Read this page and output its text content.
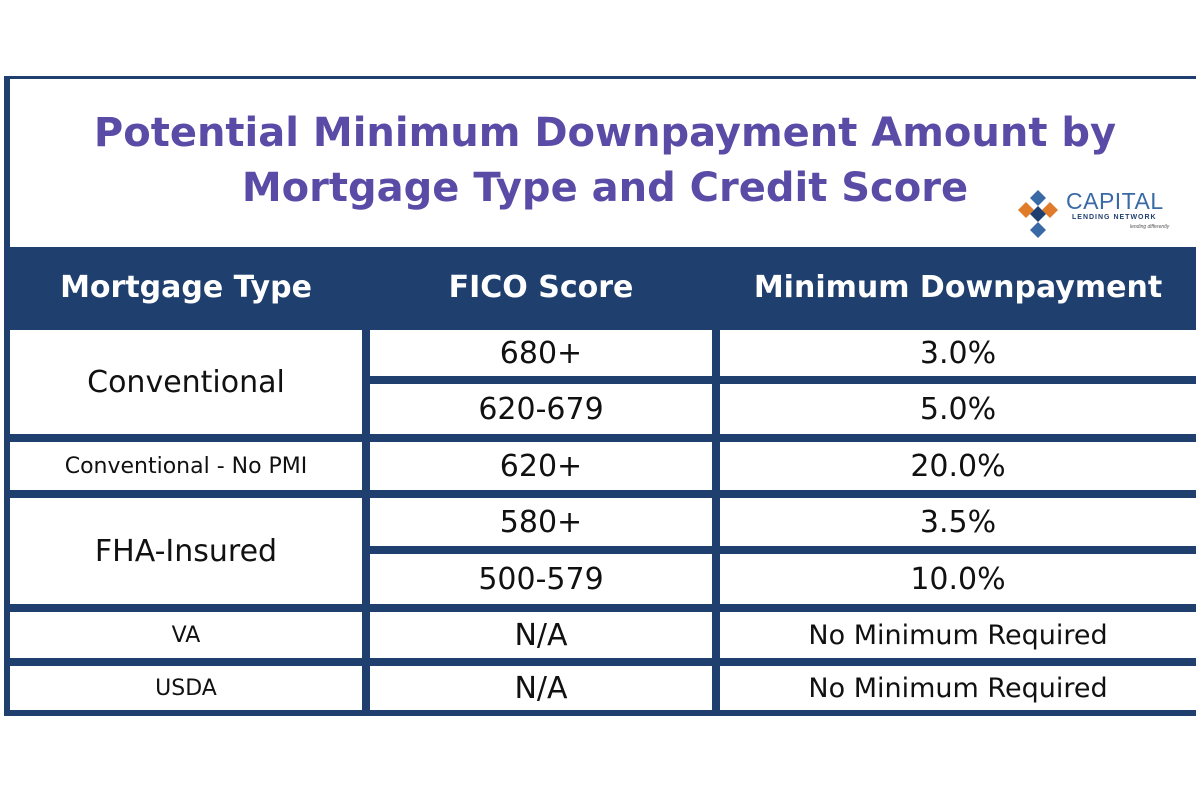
Potential Minimum Downpayment Amount by Mortgage Type and Credit Score	CAPITAL
LENDING NETWORK
lending differently
Mortgage Type	FICO Score	Minimum Downpayment
Conventional
680+	3.0%
620-679	5.0%
Conventional - No PMI	620+	20.0%
FHA-Insured
580+	3.5%
500-579	10.0%
VA	N/A	No Minimum Required
USDA	N/A	No Minimum Required
